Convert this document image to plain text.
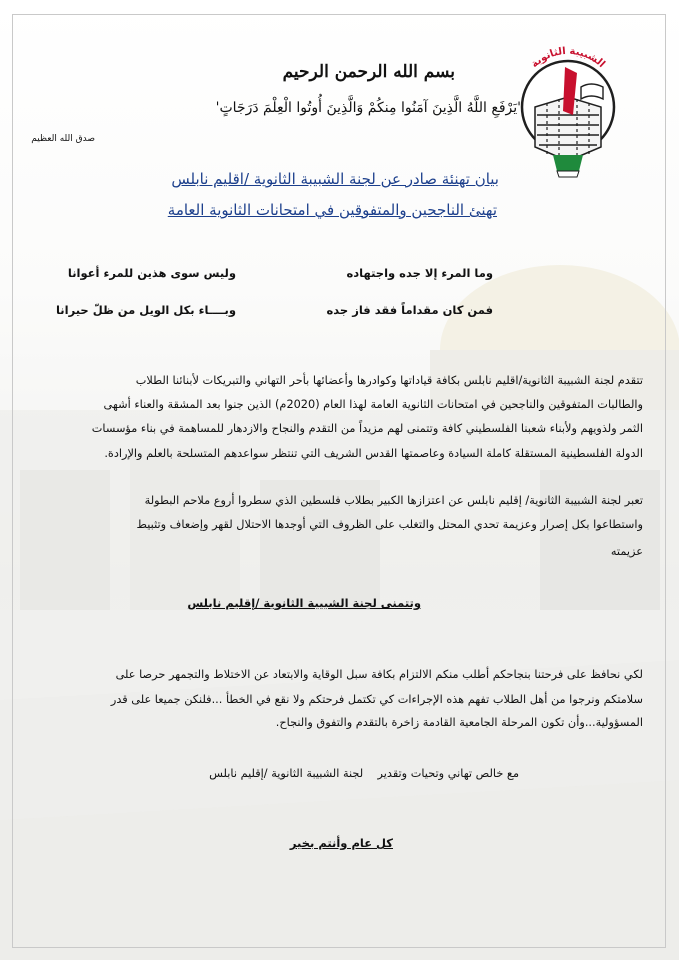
الشبيبة الثانوية
بسم الله الرحمن الرحيم
'يَرْفَعِ اللَّهُ الَّذِينَ آمَنُوا مِنكُمْ وَالَّذِينَ أُوتُوا الْعِلْمَ دَرَجَاتٍ'
صدق الله العظيم
بيان تهنئة صادر عن لجنة الشبيبة الثانوية /اقليم نابلس
تهنئ الناجحين والمتفوقين في امتحانات الثانوية العامة
وما المرء إلا جده واجتهاده
وليس سوى هذين للمرء أعوانا
فمن كان مقداماً فقد فاز جده
وبــــاء بكل الويل من ظلّ حيرانا
تتقدم لجنة الشبيبة الثانوية/اقليم نابلس بكافة قياداتها وكوادرها وأعضائها بأحر التهاني والتبريكات لأبنائنا الطلاب
والطالبات المتفوقين والناجحين في امتحانات الثانوية العامة لهذا العام (2020م) الذين جنوا بعد المشقة والعناء أشهى
الثمر ولذويهم ولأبناء شعبنا الفلسطيني كافة وتتمنى لهم مزيداً من التقدم والنجاح والازدهار للمساهمة في بناء مؤسسات
الدولة الفلسطينية المستقلة كاملة السيادة وعاصمتها القدس الشريف التي تنتظر سواعدهم المتسلحة بالعلم والإرادة.
تعبر لجنة الشبيبة الثانوية/ إقليم نابلس عن اعتزازها الكبير بطلاب فلسطين الذي سطروا أروع ملاحم البطولة
واستطاعوا بكل إصرار وعزيمة تحدي المحتل والتغلب على الظروف التي أوجدها الاحتلال لقهر وإضعاف وتثبيط
عزيمته
وتتمنى لجنة الشبيبة الثانوية /إقليم نابلس
لكي نحافظ على فرحتنا بنجاحكم أطلب منكم الالتزام بكافة سبل الوقاية والابتعاد عن الاختلاط والتجمهر حرصا على
سلامتكم ونرجوا من أهل الطلاب تفهم هذه الإجراءات كي تكتمل فرحتكم ولا نقع في الخطأ ...فلنكن جميعا على قدر
المسؤولية...وأن تكون المرحلة الجامعية القادمة زاخرة بالتقدم والتفوق والنجاح.
مع خالص تهاني وتحيات وتقدير    لجنة الشبيبة الثانوية /إقليم نابلس
كل عام وأنتم بخير
